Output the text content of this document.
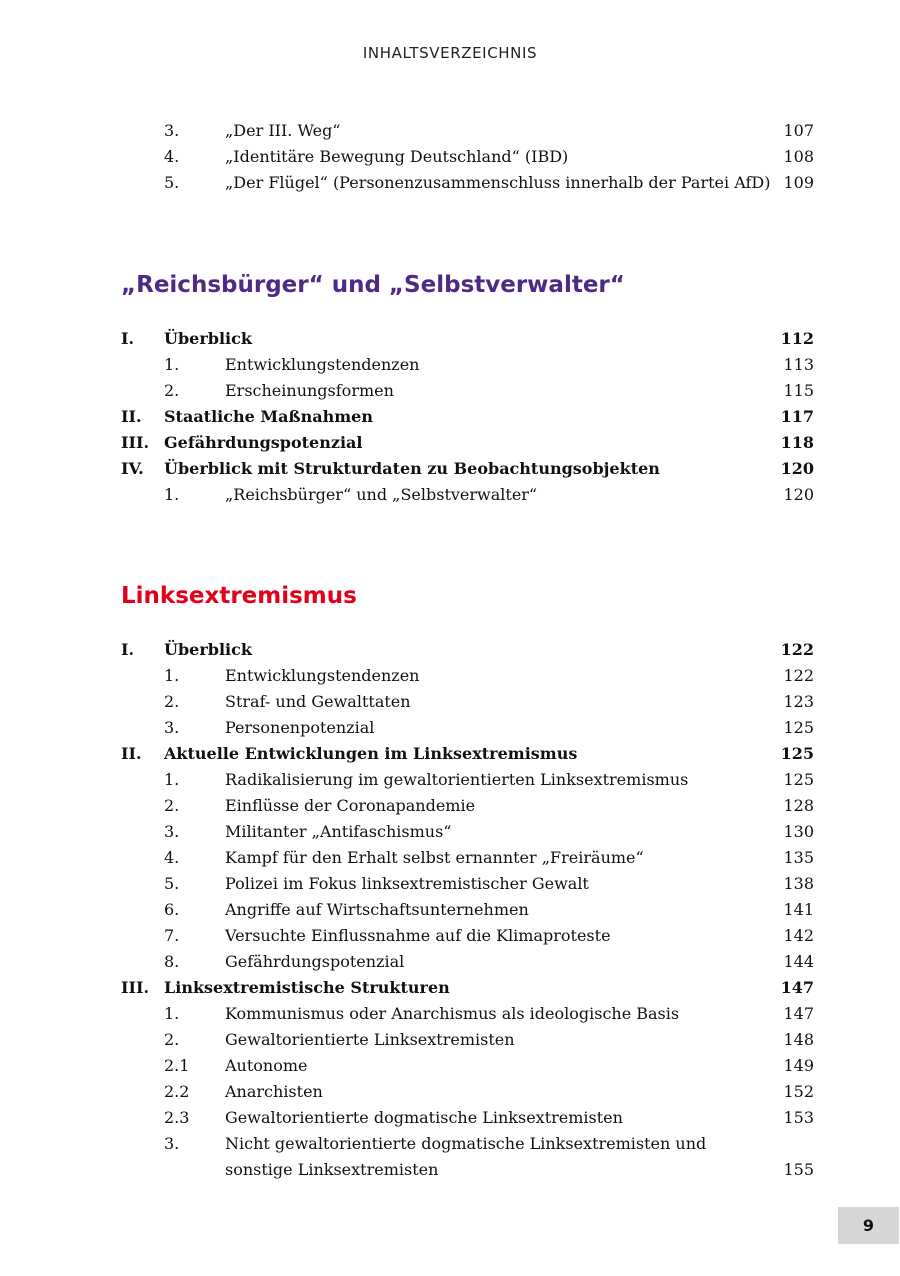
INHALTSVERZEICHNIS
3.	„Der III. Weg“	107
4.	„Identitäre Bewegung Deutschland“ (IBD)	108
5.	„Der Flügel“ (Personenzusammenschluss innerhalb der Partei AfD) 109
„Reichsbürger“ und „Selbstverwalter“
I. Überblick	112
1.	Entwicklungstendenzen	113
2.	Erscheinungsformen	115
II. Staatliche Maßnahmen	117
III. Gefährdungspotenzial	118
IV. Überblick mit Strukturdaten zu Beobachtungsobjekten	120
1.	„Reichsbürger“ und „Selbstverwalter“	120
Linksextremismus
I. Überblick	122
1.	Entwicklungstendenzen	122
2.	Straf- und Gewalttaten	123
3.	Personenpotenzial	125
II. Aktuelle Entwicklungen im Linksextremismus	125
1.	Radikalisierung im gewaltorientierten Linksextremismus	125
2.	Einflüsse der Coronapandemie	128
3.	Militanter „Antifaschismus“	130
4.	Kampf für den Erhalt selbst ernannter „Freiräume“	135
5.	Polizei im Fokus linksextremistischer Gewalt	138
6.	Angriffe auf Wirtschaftsunternehmen	141
7.	Versuchte Einflussnahme auf die Klimaproteste	142
8.	Gefährdungspotenzial	144
III. Linksextremistische Strukturen	147
1.	Kommunismus oder Anarchismus als ideologische Basis	147
2.	Gewaltorientierte Linksextremisten	148
2.1 Autonome	149
2.2 Anarchisten	152
2.3 Gewaltorientierte dogmatische Linksextremisten	153
3.	Nicht gewaltorientierte dogmatische Linksextremisten und sonstige Linksextremisten	155
9
